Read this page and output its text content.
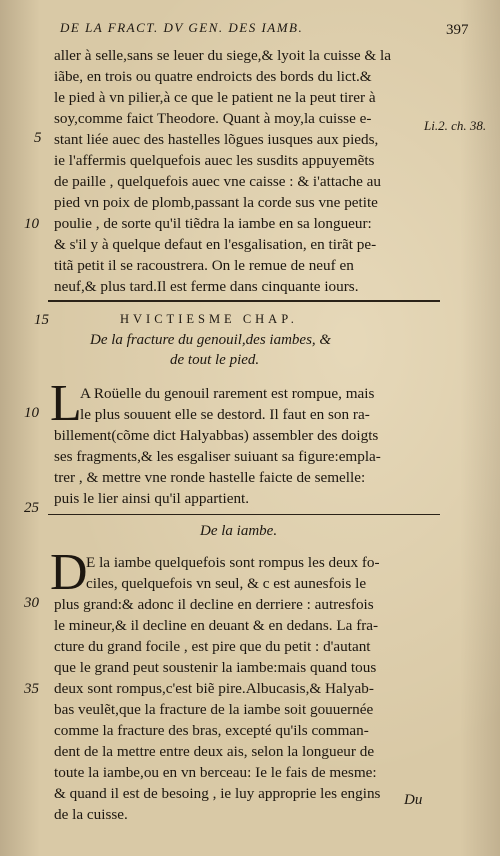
DE LA FRACT. DV GEN. DES IAMB.	397
Li.2. ch. 38.
aller à selle,sans se leuer du siege,& lyoit la cuisse & la
iãbe, en trois ou quatre endroicts des bords du lict.&
le pied à vn pilier,à ce que le patient ne la peut tirer à
soy,comme faict Theodore. Quant à moy,la cuisse e-
stant liée auec des hastelles lõgues iusques aux pieds,
ie l'affermis quelquefois auec les susdits appuyemẽts
de paille , quelquefois auec vne caisse : & i'attache au
pied vn poix de plomb,passant la corde sus vne petite
poulie , de sorte qu'il tiẽdra la iambe en sa longueur:
& s'il y à quelque defaut en l'esgalisation, en tirãt pe-
titã petit il se racoustrera. On le remue de neuf en
neuf,& plus tard.Il est ferme dans cinquante iours.
5
10
15	HVICTIESME CHAP.
De la fracture du genouil,des iambes, &
de tout le pied.
L
A Roüelle du genouil rarement est rompue, mais
le plus souuent elle se destord. Il faut en son ra-
billement(cõme dict Halyabbas) assembler des doigts
ses fragments,& les esgaliser suiuant sa figure:empla-
trer , & mettre vne ronde hastelle faicte de semelle:
puis le lier ainsi qu'il appartient.
10
25
De la iambe.
D
E la iambe quelquefois sont rompus les deux fo-
ciles, quelquefois vn seul, & c est aunesfois le
plus grand:& adonc il decline en derriere : autresfois
le mineur,& il decline en deuant & en dedans. La fra-
cture du grand focile , est pire que du petit : d'autant
que le grand peut soustenir la iambe:mais quand tous
deux sont rompus,c'est biẽ pire.Albucasis,& Halyab-
bas veulẽt,que la fracture de la iambe soit gouuernée
comme la fracture des bras, excepté qu'ils comman-
dent de la mettre entre deux ais, selon la longueur de
toute la iambe,ou en vn berceau: Ie le fais de mesme:
& quand il est de besoing , ie luy approprie les engins
de la cuisse.
30
35
Du
